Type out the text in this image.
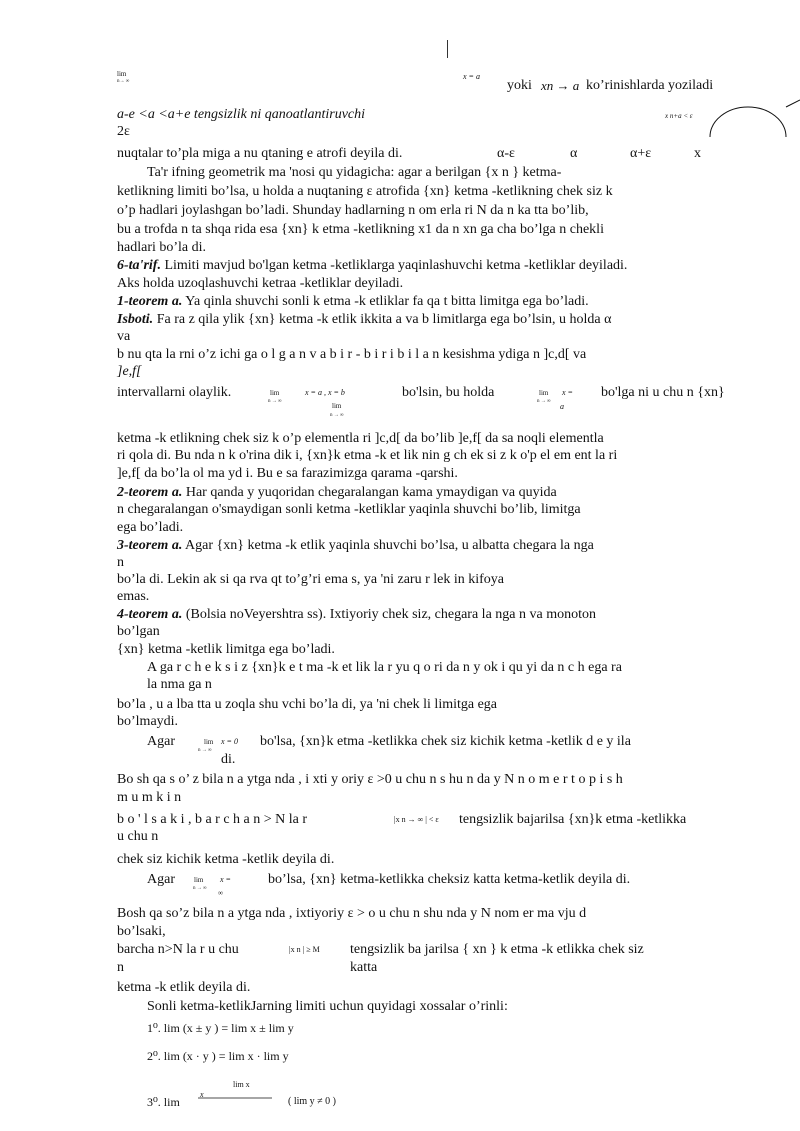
lim
n→ ∞
x = a
yoki xn → a ko’rinishlarda yoziladi
a-e <a <a+e tengsizlik ni qanoatlantiruvchi
2ε
x n+a < ε
nuqtalar to’pla miga a nu qtaning e atrofi deyila di.	α-ε	α	α+ε	x
Ta'r ifning geometrik ma 'nosi qu yidagicha: agar a berilgan {x n } ketma-
ketlikning limiti bo’lsa, u holda a nuqtaning ε atrofida {xn} ketma -ketlikning chek siz k
o’p hadlari joylashgan bo’ladi. Shunday hadlarning n om erla ri N da n ka tta bo’lib,
bu a trofda n ta shqa rida esa {xn} k etma -ketlikning x1 da n xn ga cha bo’lga n chekli
hadlari bo’la di.
6-ta'rif. Limiti mavjud bo'lgan ketma -ketliklarga yaqinlashuvchi ketma -ketliklar deyiladi.
Aks holda uzoqlashuvchi ketraa -ketliklar deyiladi.
1-teorem a. Ya qinla shuvchi sonli k etma -k etliklar fa qa t bitta limitga ega bo’ladi.
Isboti. Fa ra z qila ylik {xn} ketma -k etlik ikkita a va b limitlarga ega bo’lsin, u holda α
va
b nu qta la rni o’z ichi ga o l g a n v a b i r - b i r i b i l a n kesishma ydiga n ]c,d[ va
]e,f[
intervallarni olaylik.	lim
n → ∞
x = a , x = b
lim
n → ∞
bo'lsin, bu holda	lim
n → ∞
x =
a
bo'lga ni u chu n {xn}
ketma -k etlikning chek siz k o’p elementla ri ]c,d[ da bo’lib ]e,f[ da sa noqli elementla
ri qola di. Bu nda n k o'rina dik i, {xn}k etma -k et lik nin g ch ek si z k o'p el em ent la ri
]e,f[ da bo’la ol ma yd i. Bu e sa farazimizga qarama -qarshi.
2-teorem a. Har qanda y yuqoridan chegaralangan kama ymaydigan va quyida
n chegaralangan o'smaydigan sonli ketma -ketliklar yaqinla shuvchi bo’lib, limitga
ega bo’ladi.
3-teorem a. Agar {xn} ketma -k etlik yaqinla shuvchi bo’lsa, u albatta chegara la nga
n
bo’la di. Lekin ak si qa rva qt to’g’ri ema s, ya 'ni zaru r lek in kifoya
emas.
4-teorem a. (Bolsia noVeyershtra ss). Ixtiyoriy chek siz, chegara la nga n va monoton
bo’lgan
{xn} ketma -ketlik limitga ega bo’ladi.
A ga r c h e k s i z {xn}k e t ma -k et lik la r yu q o ri da n y ok i qu yi da n c h ega ra
la nma ga n
bo’la , u a lba tta u zoqla shu vchi bo’la di, ya 'ni chek li limitga ega
bo’lmaydi.
Agar	lim
n → ∞
x = 0 bo'lsa, {xn}k etma -ketlikka chek siz kichik ketma -ketlik d e y ila
di.
Bo sh qa s o’ z bila n a ytga nda , i xti y oriy ε >0 u chu n s hu n da y N n o m e r t o p i s h
m u m k i n
b o ' l s a k i , b a r c h a n > N la r	|x n → ∞ | < ε tengsizlik bajarilsa {xn}k etma -ketlikka
u chu n
chek siz kichik ketma -ketlik deyila di.
Agar	lim
n → ∞
x =
∞
bo’lsa, {xn} ketma-ketlikka cheksiz katta ketma-ketlik deyila di.
Bosh qa so’z bila n a ytga nda , ixtiyoriy ε > o u chu n shu nda y N nom er ma vju d
bo’lsaki,
barcha n>N la r u chu	|x n | ≥ M tengsizlik ba jarilsa { xn } k etma -k etlikka chek siz
n	katta
ketma -k etlik deyila di.
Sonli ketma-ketlikJarning limiti uchun quyidagi xossalar o’rinli:
1⁰. lim (x ± y ) = lim x ± lim y
2⁰. lim (x · y ) = lim x · lim y
lim x
3⁰. lim
x
( lim y ≠ 0 )
